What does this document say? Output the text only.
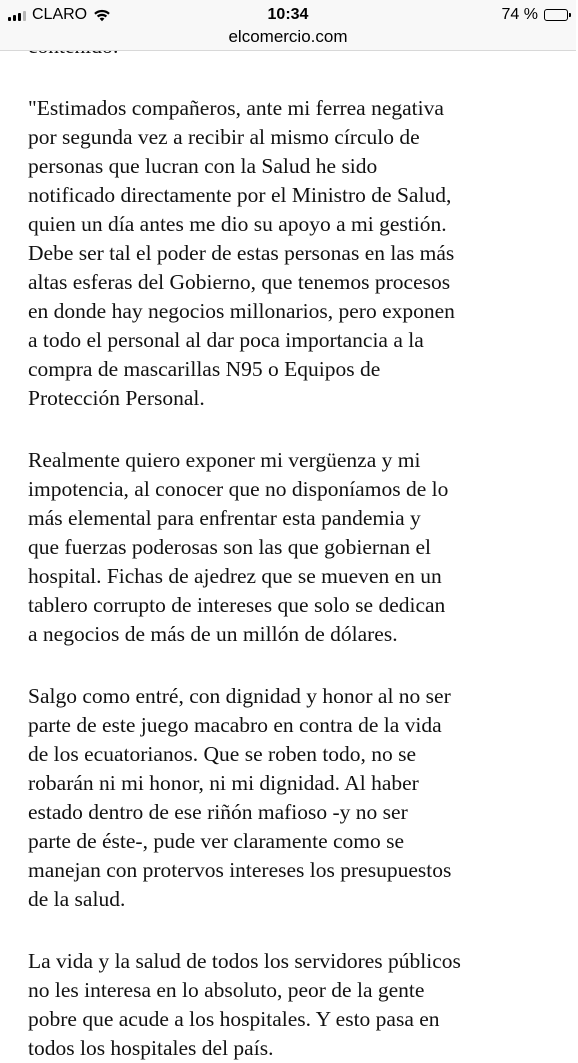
CLARO	10:34	74 %
elcomercio.com

"Estimados compañeros, ante mi ferrea negativa
por segunda vez a recibir al mismo círculo de
personas que lucran con la Salud he sido
notificado directamente por el Ministro de Salud,
quien un día antes me dio su apoyo a mi gestión.
Debe ser tal el poder de estas personas en las más
altas esferas del Gobierno, que tenemos procesos
en donde hay negocios millonarios, pero exponen
a todo el personal al dar poca importancia a la
compra de mascarillas N95 o Equipos de
Protección Personal.

Realmente quiero exponer mi vergüenza y mi
impotencia, al conocer que no disponíamos de lo
más elemental para enfrentar esta pandemia y
que fuerzas poderosas son las que gobiernan el
hospital. Fichas de ajedrez que se mueven en un
tablero corrupto de intereses que solo se dedican
a negocios de más de un millón de dólares.

Salgo como entré, con dignidad y honor al no ser
parte de este juego macabro en contra de la vida
de los ecuatorianos. Que se roben todo, no se
robarán ni mi honor, ni mi dignidad. Al haber
estado dentro de ese riñón mafioso -y no ser
parte de éste-, pude ver claramente como se
manejan con protervos intereses los presupuestos
de la salud.

La vida y la salud de todos los servidores públicos
no les interesa en lo absoluto, peor de la gente
pobre que acude a los hospitales. Y esto pasa en
todos los hospitales del país.
